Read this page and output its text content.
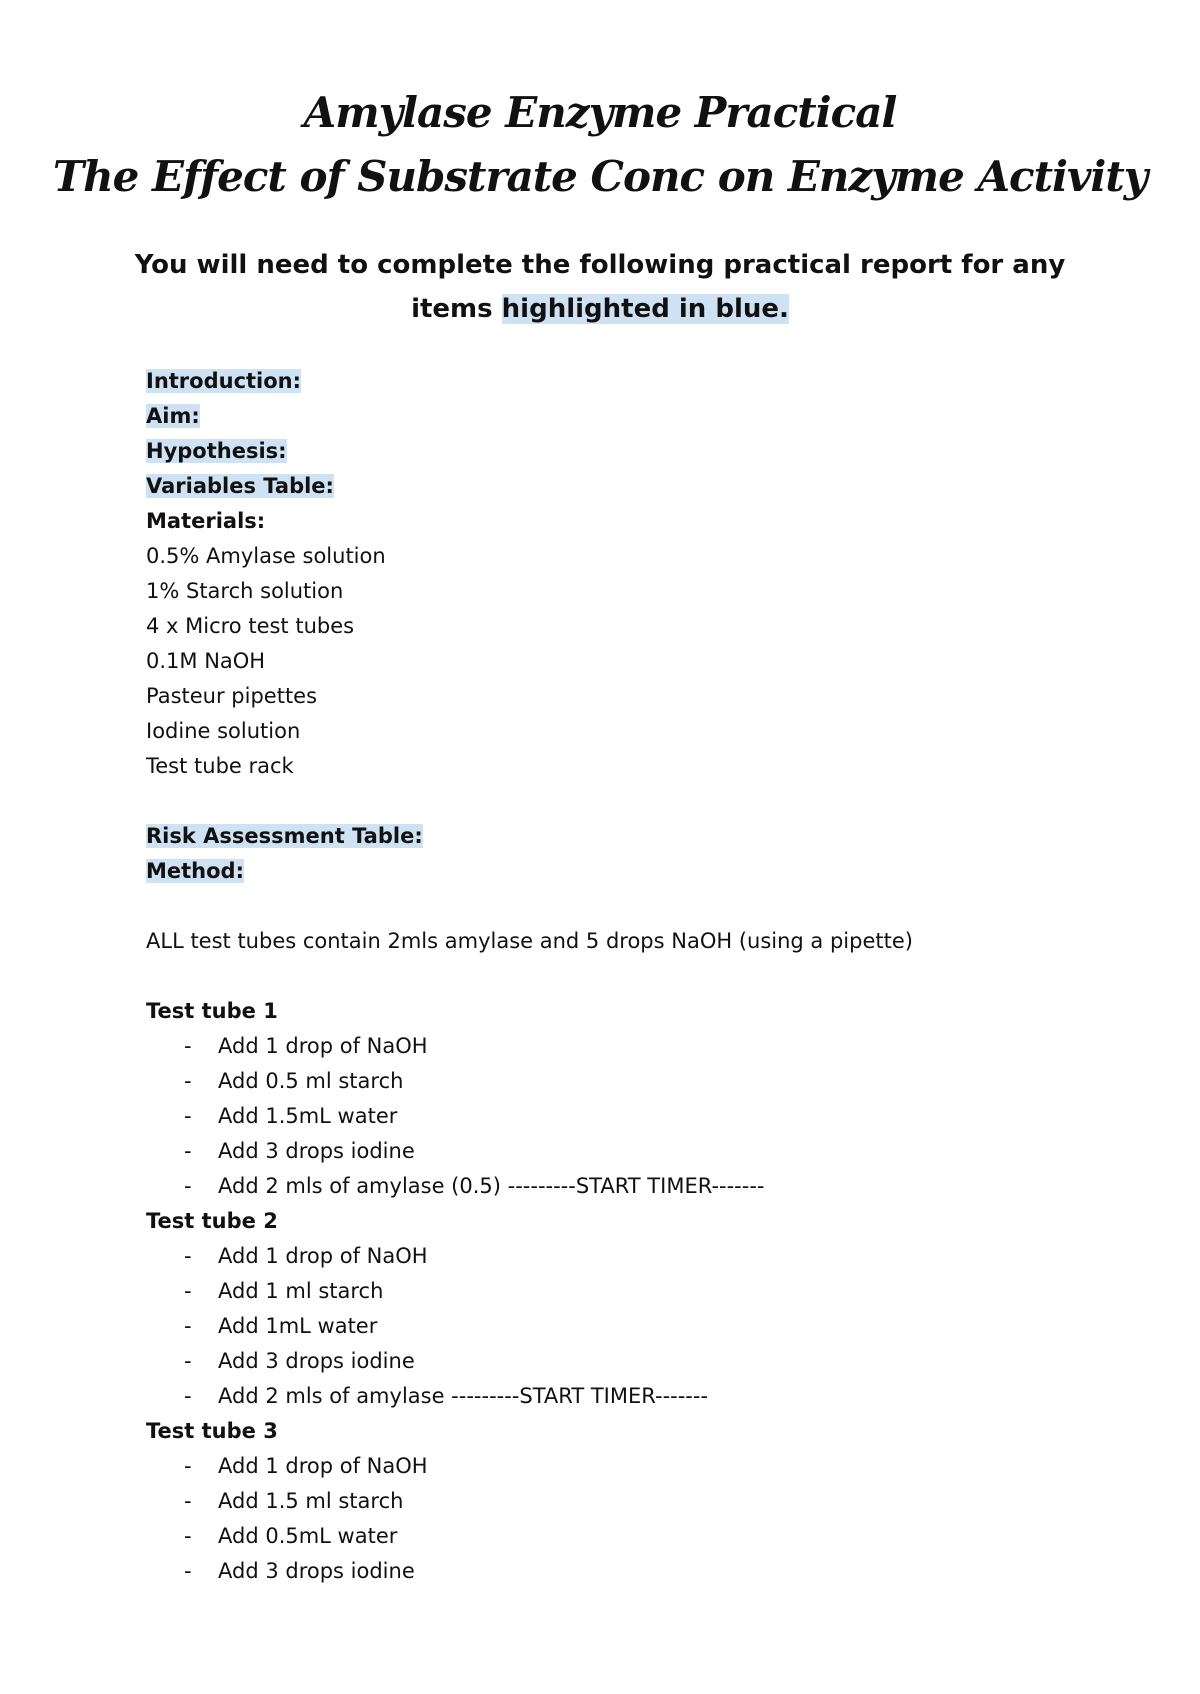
Amylase Enzyme Practical
The Effect of Substrate Conc on Enzyme Activity
You will need to complete the following practical report for any
items highlighted in blue.
Introduction:
Aim:
Hypothesis:
Variables Table:
Materials:
0.5% Amylase solution
1% Starch solution
4 x Micro test tubes
0.1M NaOH
Pasteur pipettes
Iodine solution
Test tube rack
Risk Assessment Table:
Method:
ALL test tubes contain 2mls amylase and 5 drops NaOH (using a pipette)
Test tube 1
- Add 1 drop of NaOH
- Add 0.5 ml starch
- Add 1.5mL water
- Add 3 drops iodine
- Add 2 mls of amylase (0.5) ---------START TIMER-------
Test tube 2
- Add 1 drop of NaOH
- Add 1 ml starch
- Add 1mL water
- Add 3 drops iodine
- Add 2 mls of amylase ---------START TIMER-------
Test tube 3
- Add 1 drop of NaOH
- Add 1.5 ml starch
- Add 0.5mL water
- Add 3 drops iodine
